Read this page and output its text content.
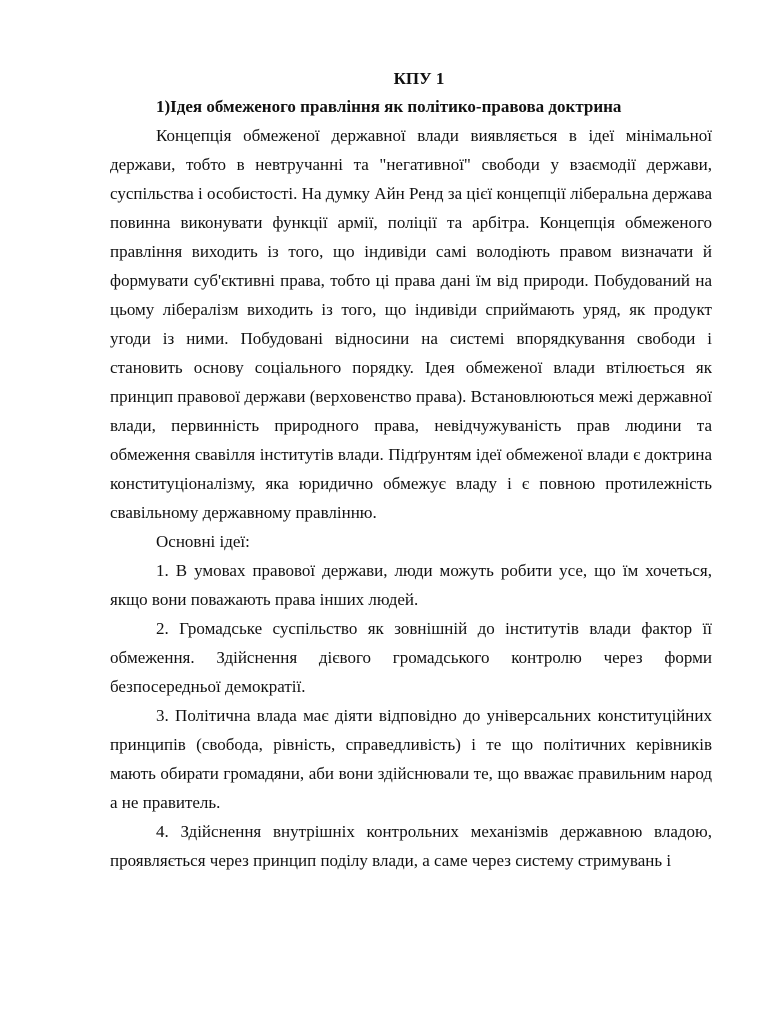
КПУ 1

1)Ідея обмеженого правління як політико-правова доктрина

Концепція обмеженої державної влади виявляється в ідеї мінімальної держави, тобто в невтручанні та "негативної" свободи у взаємодії держави, суспільства і особистості. На думку Айн Ренд за цієї концепції ліберальна держава повинна виконувати функції армії, поліції та арбітра. Концепція обмеженого правління виходить із того, що індивіди самі володіють правом визначати й формувати суб'єктивні права, тобто ці права дані їм від природи. Побудований на цьому лібералізм виходить із того, що індивіди сприймають уряд, як продукт угоди із ними. Побудовані відносини на системі впорядкування свободи і становить основу соціального порядку. Ідея обмеженої влади втілюється як принцип правової держави (верховенство права). Встановлюються межі державної влади, первинність природного права, невідчужуваність прав людини та обмеження свавілля інститутів влади. Підґрунтям ідеї обмеженої влади є доктрина конституціоналізму, яка юридично обмежує владу і є повною протилежність свавільному державному правлінню.

Основні ідеї:

1. В умовах правової держави, люди можуть робити усе, що їм хочеться, якщо вони поважають права інших людей.

2. Громадське суспільство як зовнішній до інститутів влади фактор її обмеження. Здійснення дієвого громадського контролю через форми безпосередньої демократії.

3. Політична влада має діяти відповідно до універсальних конституційних принципів (свобода, рівність, справедливість) і те що політичних керівників мають обирати громадяни, аби вони здійснювали те, що вважає правильним народ а не правитель.

4. Здійснення внутрішніх контрольних механізмів державною владою, проявляється через принцип поділу влади, а саме через систему стримувань і
